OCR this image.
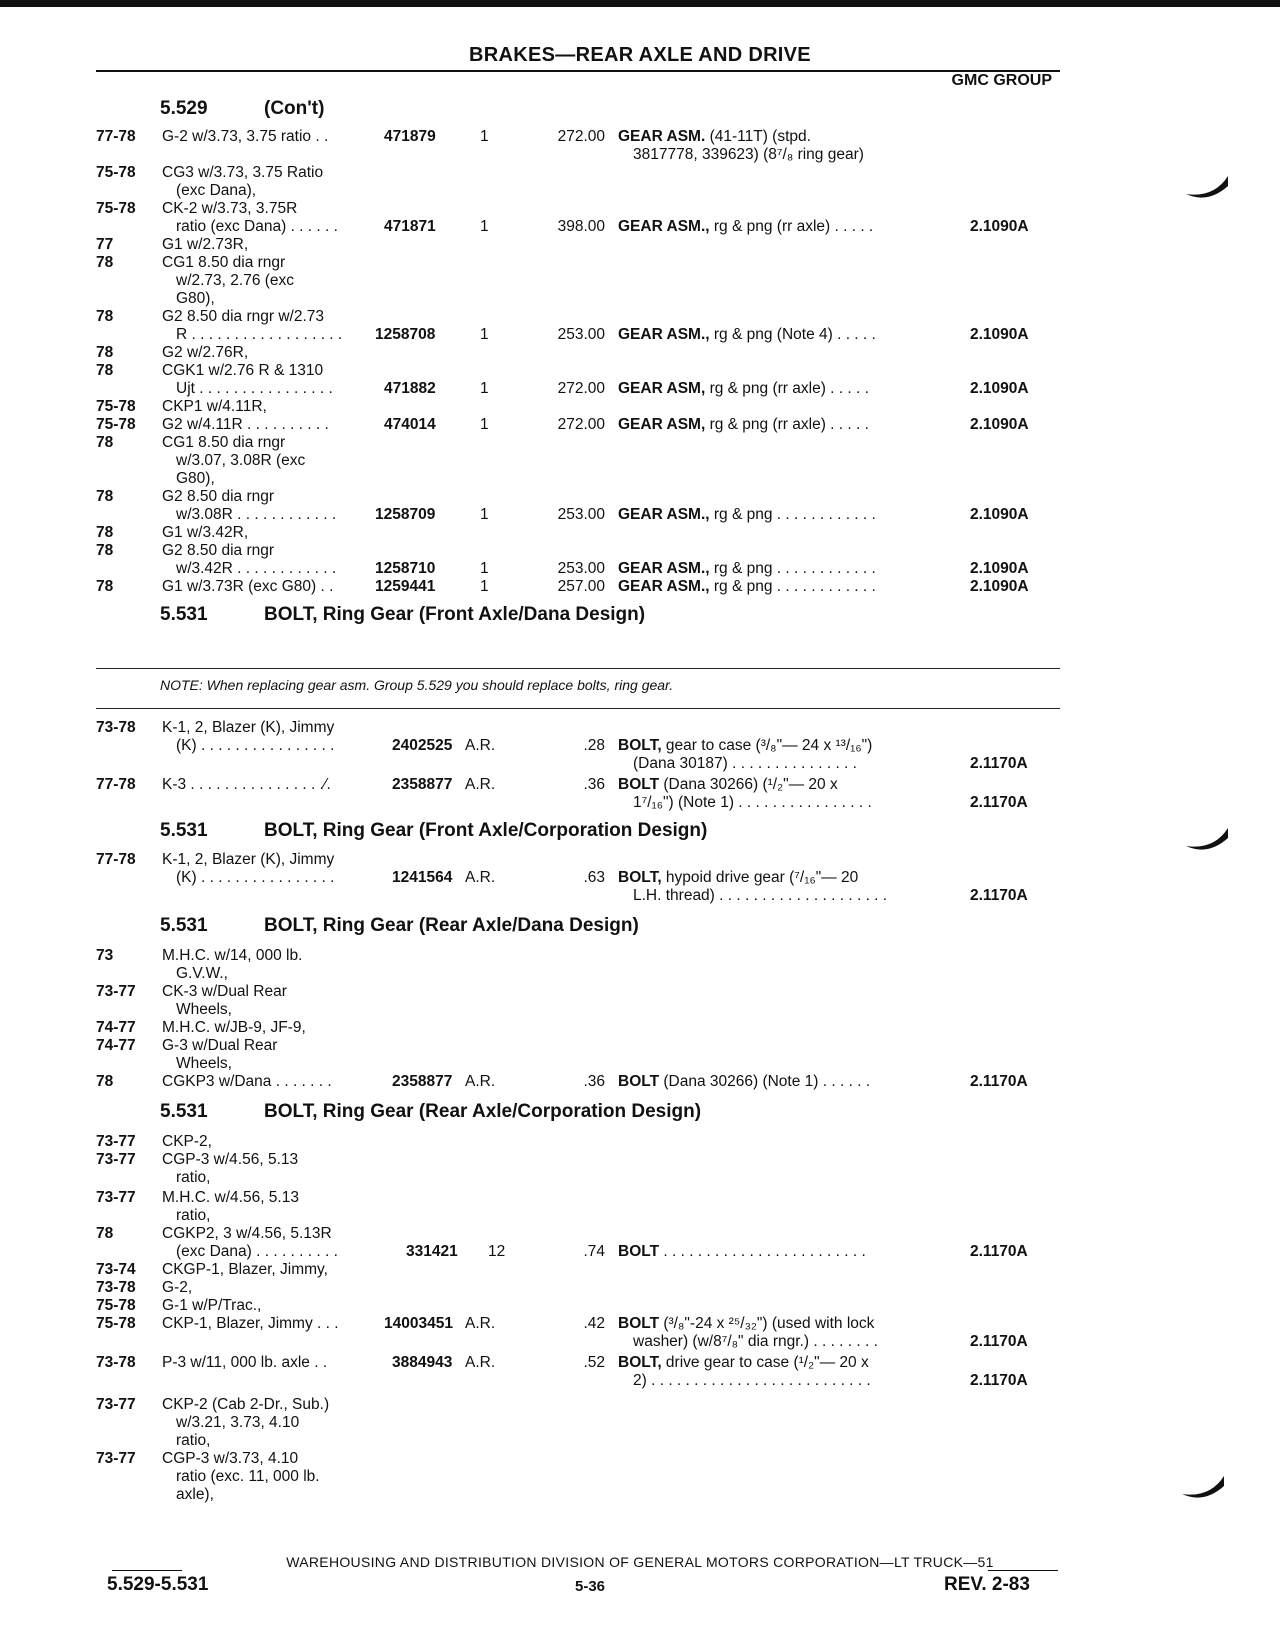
BRAKES—REAR AXLE AND DRIVE
GMC GROUP
5.529	(Con't)
77-78 G-2 w/3.73, 3.75 ratio . .	471879	1	272.00 GEAR ASM. (41-11T) (stpd.
3817778, 339623) (8⁷/₈ ring gear)
75-78 CG3 w/3.73, 3.75 Ratio
(exc Dana),
75-78 CK-2 w/3.73, 3.75R
ratio (exc Dana) . . . . . .	471871	1	398.00 GEAR ASM., rg & png (rr axle) . . . . .	2.1090A
77	G1 w/2.73R,
78	CG1 8.50 dia rngr
w/2.73, 2.76 (exc
G80),
78	G2 8.50 dia rngr w/2.73
R . . . . . . . . . . . . . . . . . . 1258708	1	253.00 GEAR ASM., rg & png (Note 4) . . . . .	2.1090A
78	G2 w/2.76R,
78	CGK1 w/2.76 R & 1310
Ujt . . . . . . . . . . . . . . . .	471882	1	272.00 GEAR ASM, rg & png (rr axle) . . . . .	2.1090A
75-78 CKP1 w/4.11R,
75-78 G2 w/4.11R . . . . . . . . . .	474014	1	272.00 GEAR ASM, rg & png (rr axle) . . . . .	2.1090A
78	CG1 8.50 dia rngr
w/3.07, 3.08R (exc
G80),
78	G2 8.50 dia rngr
w/3.08R . . . . . . . . . . . .	1258709	1	253.00 GEAR ASM., rg & png . . . . . . . . . . . .	2.1090A
78	G1 w/3.42R,
78	G2 8.50 dia rngr
w/3.42R . . . . . . . . . . . .	1258710	1	253.00 GEAR ASM., rg & png . . . . . . . . . . . .	2.1090A
78	G1 w/3.73R (exc G80) . .	1259441	1	257.00 GEAR ASM., rg & png . . . . . . . . . . . .	2.1090A
5.531	BOLT, Ring Gear (Front Axle/Dana Design)
NOTE: When replacing gear asm. Group 5.529 you should replace bolts, ring gear.
73-78 K-1, 2, Blazer (K), Jimmy
(K) . . . . . . . . . . . . . . . .	2402525 A.R.	.28 BOLT, gear to case (³/₈"— 24 x ¹³/₁₆")
(Dana 30187) . . . . . . . . . . . . . . .	2.1170A
77-78 K-3 . . . . . . . . . . . . . . . .⁄.	2358877 A.R.	.36 BOLT (Dana 30266) (¹/₂"— 20 x
1⁷/₁₆") (Note 1) . . . . . . . . . . . . . . . .	2.1170A
5.531	BOLT, Ring Gear (Front Axle/Corporation Design)
77-78 K-1, 2, Blazer (K), Jimmy
(K) . . . . . . . . . . . . . . . .	1241564 A.R.	.63 BOLT, hypoid drive gear (⁷/₁₆"— 20
L.H. thread) . . . . . . . . . . . . . . . . . . . .	2.1170A
5.531	BOLT, Ring Gear (Rear Axle/Dana Design)
73	M.H.C. w/14, 000 lb.
G.V.W.,
73-77 CK-3 w/Dual Rear
Wheels,
74-77 M.H.C. w/JB-9, JF-9,
74-77 G-3 w/Dual Rear
Wheels,
78	CGKP3 w/Dana . . . . . . .	2358877 A.R.	.36 BOLT (Dana 30266) (Note 1) . . . . . .	2.1170A
5.531	BOLT, Ring Gear (Rear Axle/Corporation Design)
73-77 CKP-2,
73-77 CGP-3 w/4.56, 5.13
ratio,
73-77 M.H.C. w/4.56, 5.13
ratio,
78	CGKP2, 3 w/4.56, 5.13R
(exc Dana) . . . . . . . . . .	331421 12	.74 BOLT . . . . . . . . . . . . . . . . . . . . . . . .	2.1170A
73-74 CKGP-1, Blazer, Jimmy,
73-78 G-2,
75-78 G-1 w/P/Trac.,
75-78 CKP-1, Blazer, Jimmy . . .	14003451 A.R.	.42 BOLT (³/₈"-24 x ²⁵/₃₂") (used with lock
washer) (w/8⁷/₈" dia rngr.) . . . . . . . .	2.1170A
73-78 P-3 w/11, 000 lb. axle . .	3884943 A.R.	.52 BOLT, drive gear to case (¹/₂"— 20 x
2) . . . . . . . . . . . . . . . . . . . . . . . . . .	2.1170A
73-77 CKP-2 (Cab 2-Dr., Sub.)
w/3.21, 3.73, 4.10
ratio,
73-77 CGP-3 w/3.73, 4.10
ratio (exc. 11, 000 lb.
axle),
WAREHOUSING AND DISTRIBUTION DIVISION OF GENERAL MOTORS CORPORATION—LT TRUCK—51
5.529-5.531	5-36	REV. 2-83
